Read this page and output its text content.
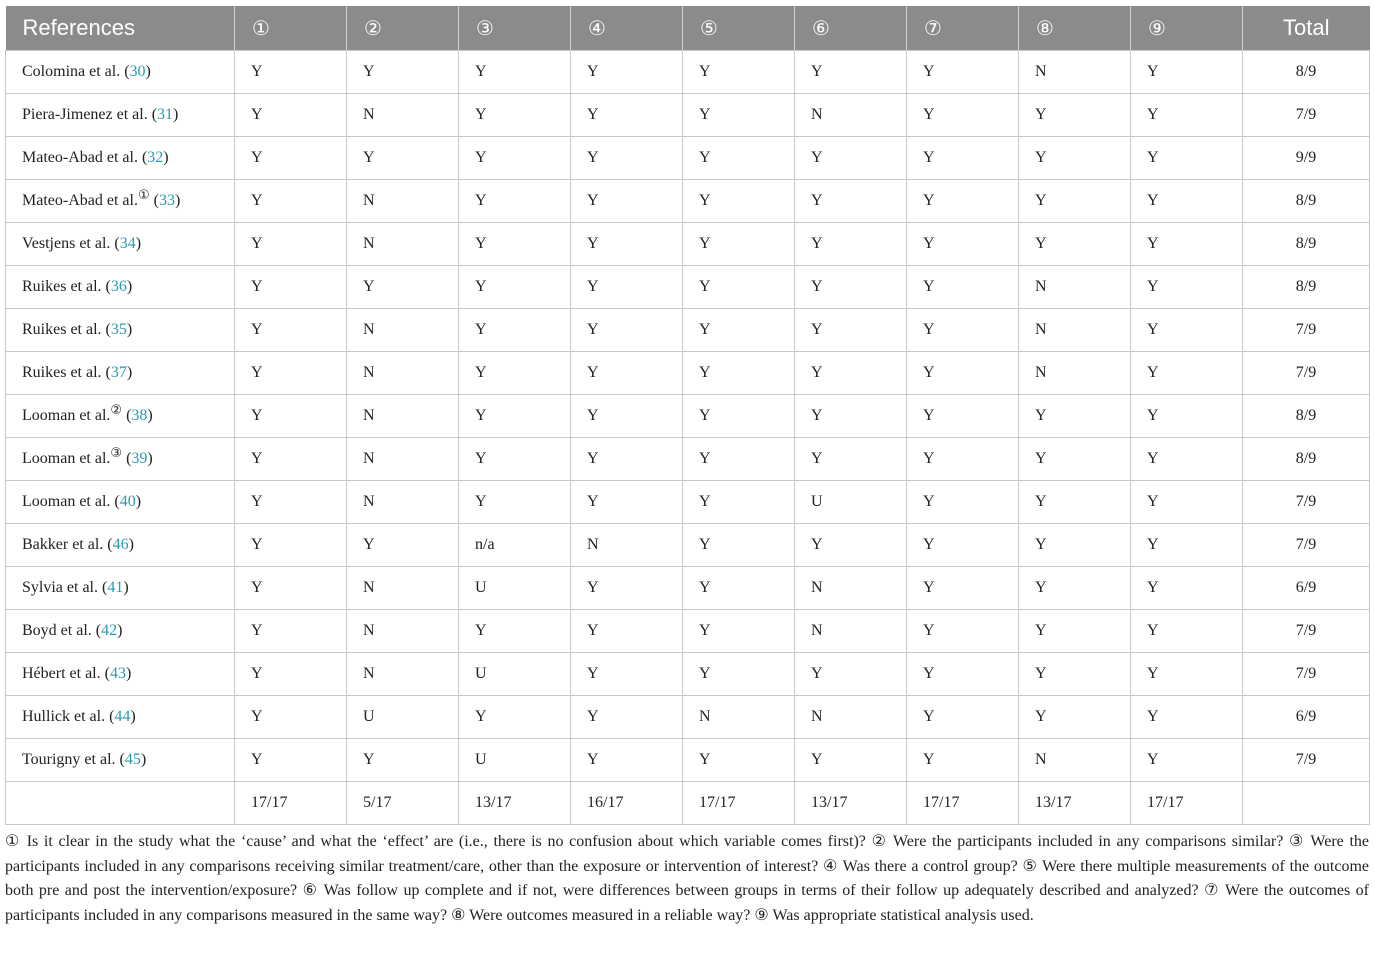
References	①	②	③	④	⑤	⑥	⑦	⑧	⑨	Total
Colomina et al. (30)	Y	Y	Y	Y	Y	Y	Y	N	Y	8/9
Piera-Jimenez et al. (31)	Y	N	Y	Y	Y	N	Y	Y	Y	7/9
Mateo-Abad et al. (32)	Y	Y	Y	Y	Y	Y	Y	Y	Y	9/9
Mateo-Abad et al.① (33)	Y	N	Y	Y	Y	Y	Y	Y	Y	8/9
Vestjens et al. (34)	Y	N	Y	Y	Y	Y	Y	Y	Y	8/9
Ruikes et al. (36)	Y	Y	Y	Y	Y	Y	Y	N	Y	8/9
Ruikes et al. (35)	Y	N	Y	Y	Y	Y	Y	N	Y	7/9
Ruikes et al. (37)	Y	N	Y	Y	Y	Y	Y	N	Y	7/9
Looman et al.② (38)	Y	N	Y	Y	Y	Y	Y	Y	Y	8/9
Looman et al.③ (39)	Y	N	Y	Y	Y	Y	Y	Y	Y	8/9
Looman et al. (40)	Y	N	Y	Y	Y	U	Y	Y	Y	7/9
Bakker et al. (46)	Y	Y	n/a	N	Y	Y	Y	Y	Y	7/9
Sylvia et al. (41)	Y	N	U	Y	Y	N	Y	Y	Y	6/9
Boyd et al. (42)	Y	N	Y	Y	Y	N	Y	Y	Y	7/9
Hébert et al. (43)	Y	N	U	Y	Y	Y	Y	Y	Y	7/9
Hullick et al. (44)	Y	U	Y	Y	N	N	Y	Y	Y	6/9
Tourigny et al. (45)	Y	Y	U	Y	Y	Y	Y	N	Y	7/9
	17/17	5/17	13/17	16/17	17/17	13/17	17/17	13/17	17/17	
① Is it clear in the study what the ‘cause’ and what the ‘effect’ are (i.e., there is no confusion about which variable comes first)? ② Were the participants included in any comparisons similar? ③ Were the participants included in any comparisons receiving similar treatment/care, other than the exposure or intervention of interest? ④ Was there a control group? ⑤ Were there multiple measurements of the outcome both pre and post the intervention/exposure? ⑥ Was follow up complete and if not, were differences between groups in terms of their follow up adequately described and analyzed? ⑦ Were the outcomes of participants included in any comparisons measured in the same way? ⑧ Were outcomes measured in a reliable way? ⑨ Was appropriate statistical analysis used.
